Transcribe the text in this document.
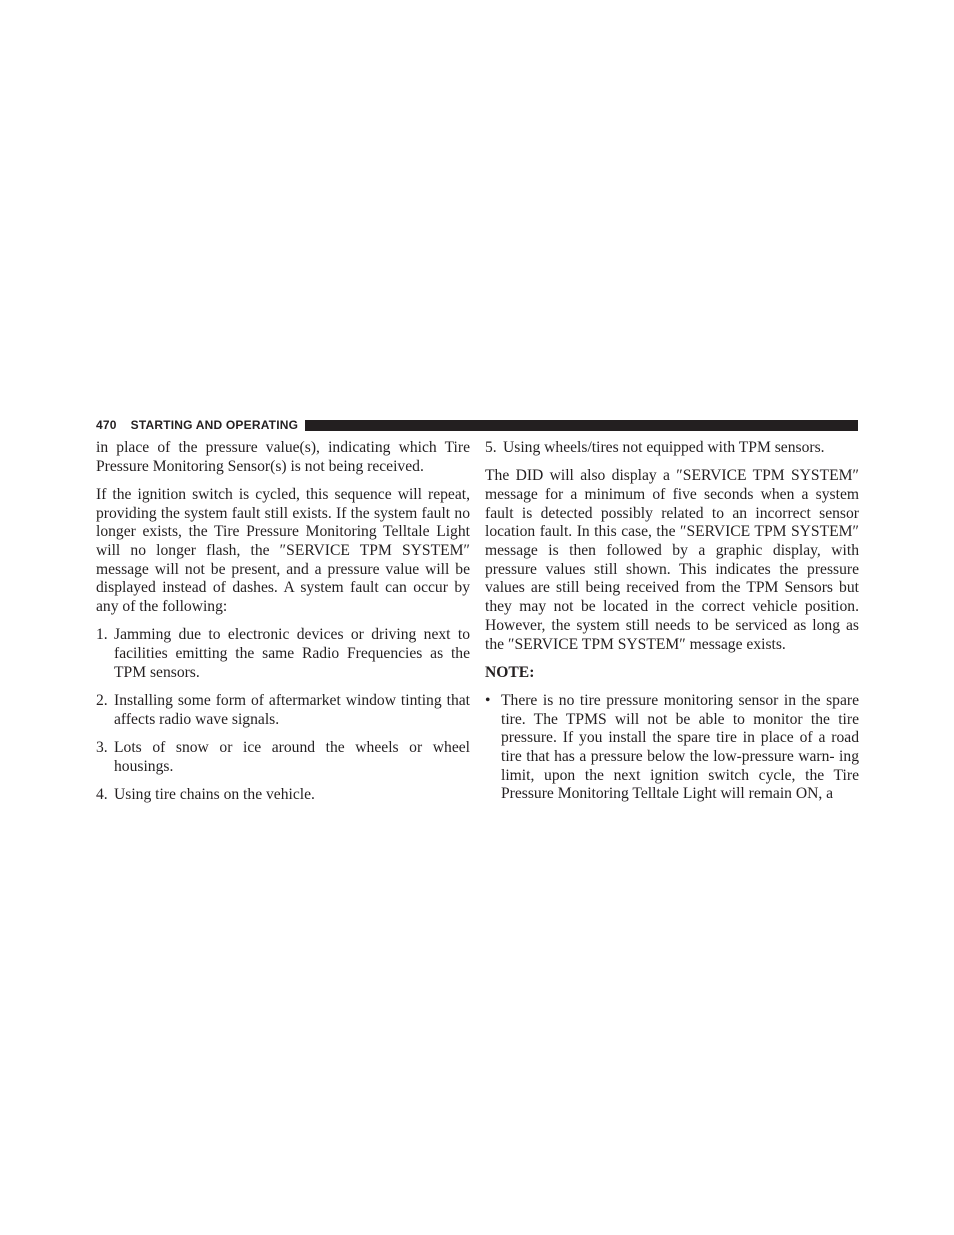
470 STARTING AND OPERATING

in place of the pressure value(s), indicating which Tire Pressure Monitoring Sensor(s) is not being received.

If the ignition switch is cycled, this sequence will repeat, providing the system fault still exists. If the system fault no longer exists, the Tire Pressure Monitoring Telltale Light will no longer flash, the ″SERVICE TPM SYSTEM″ message will not be present, and a pressure value will be displayed instead of dashes. A system fault can occur by any of the following:

1. Jamming due to electronic devices or driving next to facilities emitting the same Radio Frequencies as the TPM sensors.
2. Installing some form of aftermarket window tinting that affects radio wave signals.
3. Lots of snow or ice around the wheels or wheel housings.
4. Using tire chains on the vehicle.
5. Using wheels/tires not equipped with TPM sensors.

The DID will also display a ″SERVICE TPM SYSTEM″ message for a minimum of five seconds when a system fault is detected possibly related to an incorrect sensor location fault. In this case, the ″SERVICE TPM SYSTEM″ message is then followed by a graphic display, with pressure values still shown. This indicates the pressure values are still being received from the TPM Sensors but they may not be located in the correct vehicle position. However, the system still needs to be serviced as long as the ″SERVICE TPM SYSTEM″ message exists.

NOTE:
• There is no tire pressure monitoring sensor in the spare tire. The TPMS will not be able to monitor the tire pressure. If you install the spare tire in place of a road tire that has a pressure below the low-pressure warn- ing limit, upon the next ignition switch cycle, the Tire Pressure Monitoring Telltale Light will remain ON, a
